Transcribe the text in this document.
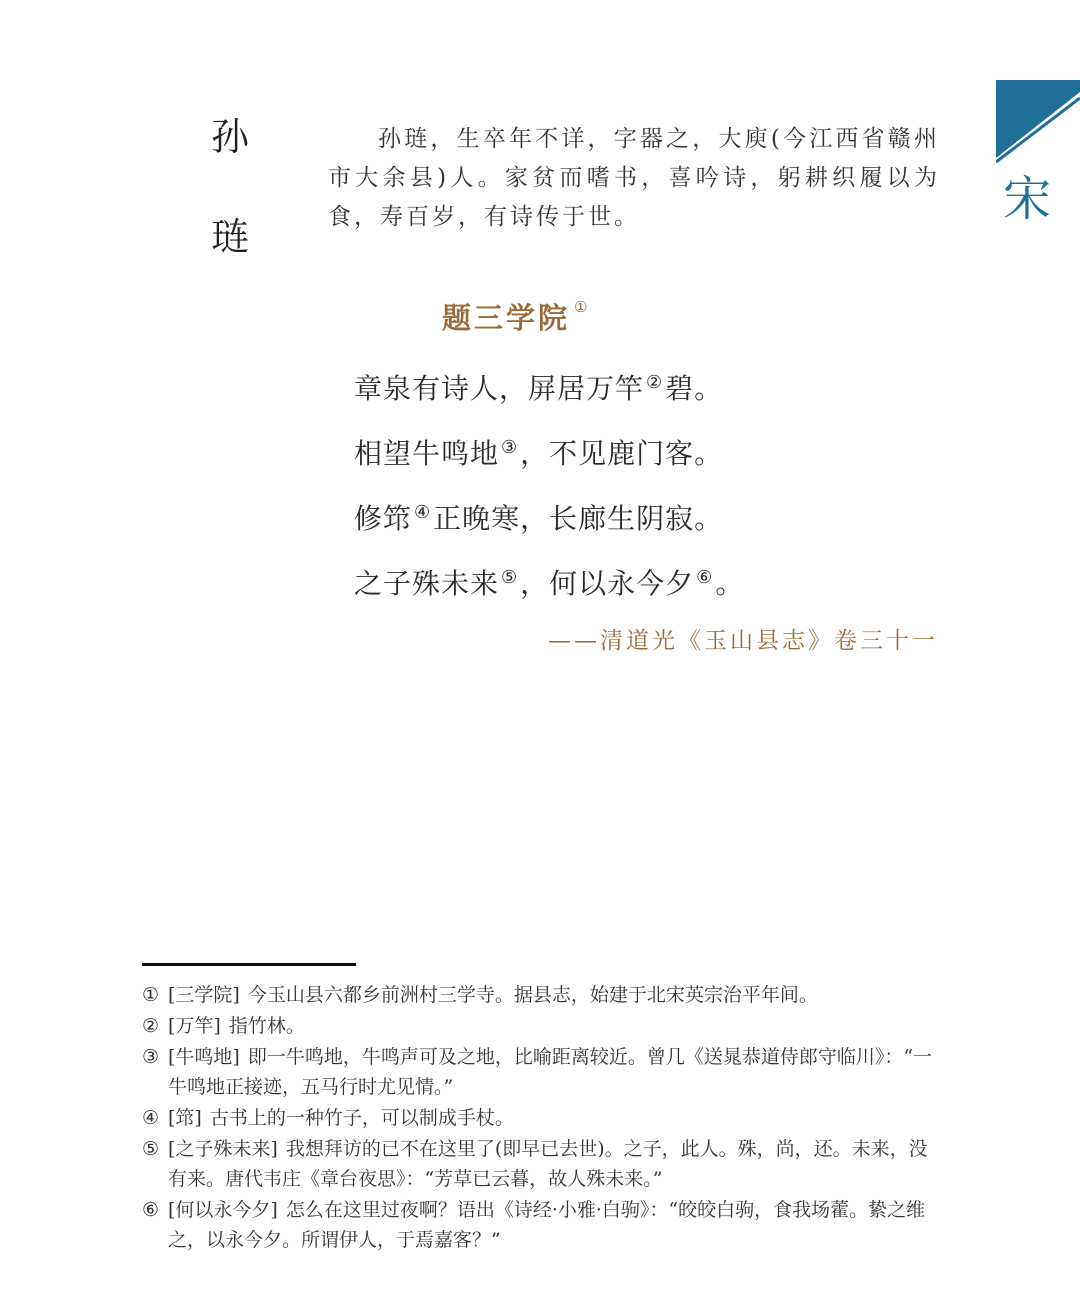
孙
琏
宋
孙琏，生卒年不详，字器之，大庾(今江西省赣州市大余县)人。家贫而嗜书，喜吟诗，躬耕织履以为食，寿百岁，有诗传于世。
题三学院 ①
章泉有诗人，屏居万竿 ②碧。
相望牛鸣地 ③，不见鹿门客。
修筇 ④正晚寒，长廊生阴寂。
之子殊未来 ⑤，何以永今夕 ⑥。
——清道光《玉山县志》卷三十一
① [三学院] 今玉山县六都乡前洲村三学寺。据县志，始建于北宋英宗治平年间。
② [万竿] 指竹林。
③ [牛鸣地] 即一牛鸣地，牛鸣声可及之地，比喻距离较近。曾几《送晁恭道侍郎守临川》：“一牛鸣地正接迹，五马行时尤见情。”
④ [筇] 古书上的一种竹子，可以制成手杖。
⑤ [之子殊未来] 我想拜访的已不在这里了(即早已去世)。之子，此人。殊，尚，还。未来，没有来。唐代韦庄《章台夜思》：“芳草已云暮，故人殊未来。”
⑥ [何以永今夕] 怎么在这里过夜啊？语出《诗经·小雅·白驹》：“皎皎白驹，食我场藿。絷之维之，以永今夕。所谓伊人，于焉嘉客？”
